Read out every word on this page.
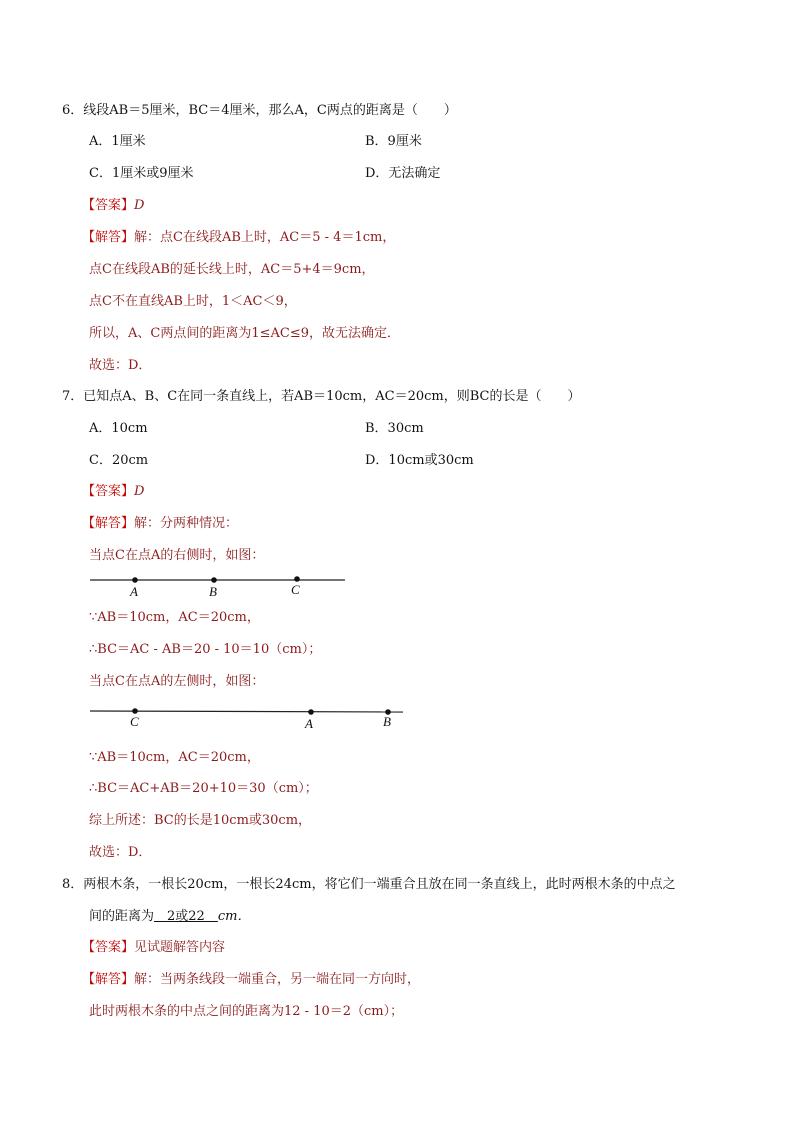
6．线段AB＝5厘米，BC＝4厘米，那么A，C两点的距离是（　　）
A．1厘米	B．9厘米
C．1厘米或9厘米	D．无法确定
【答案】D
【解答】解：点C在线段AB上时，AC＝5 - 4＝1cm，
点C在线段AB的延长线上时，AC＝5+4＝9cm，
点C不在直线AB上时，1＜AC＜9，
所以，A、C两点间的距离为1≤AC≤9，故无法确定．
故选：D．
7．已知点A、B、C在同一条直线上，若AB＝10cm，AC＝20cm，则BC的长是（　　）
A．10cm	B．30cm
C．20cm	D．10cm或30cm
【答案】D
【解答】解：分两种情况：
当点C在点A的右侧时，如图：
A	B	C
C	A	B
∵AB＝10cm，AC＝20cm，
∴BC＝AC - AB＝20 - 10＝10（cm）；
当点C在点A的左侧时，如图：
∵AB＝10cm，AC＝20cm，
∴BC＝AC+AB＝20+10＝30（cm）；
综上所述：BC的长是10cm或30cm，
故选：D．
8．两根木条，一根长20cm，一根长24cm，将它们一端重合且放在同一条直线上，此时两根木条的中点之
间的距离为　2或22　cm．
【答案】见试题解答内容
【解答】解：当两条线段一端重合，另一端在同一方向时，
此时两根木条的中点之间的距离为12 - 10＝2（cm）；
